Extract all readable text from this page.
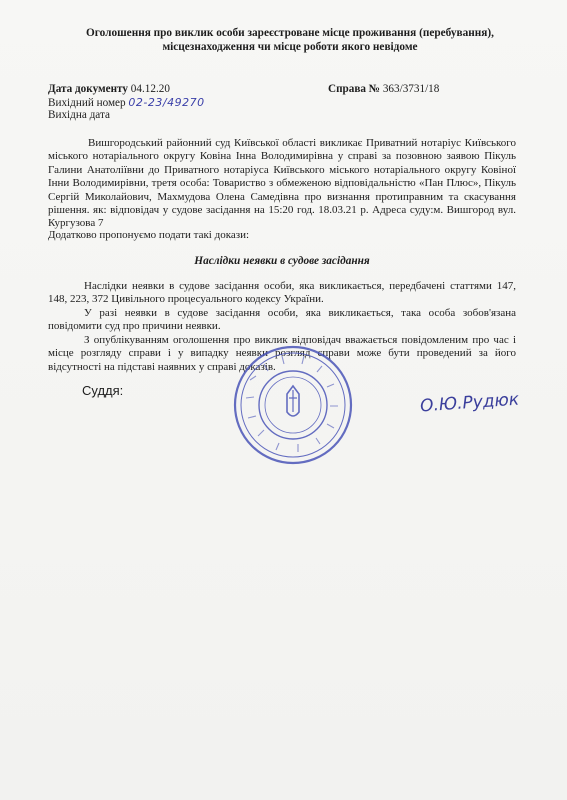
Оголошення про виклик особи зареєстроване місце проживання (перебування),
місцезнаходження чи місце роботи якого невідоме
Дата документу 04.12.20	Справа № 363/3731/18
Вихідний номер 02-23/49270
Вихідна дата
Вишгородський районний суд Київської області викликає Приватний нотаріус Київського міського нотаріального округу Ковіна Інна Володимирівна у справі за позовною заявою Пікуль Галини Анатоліївни до Приватного нотаріуса Київського міського нотаріального округу Ковіної Інни Володимирівни, третя особа: Товариство з обмеженою відповідальністю «Пан Плюс», Пікуль Сергій Миколайович, Махмудова Олена Самедівна про визнання протиправним та скасування рішення. як: відповідач у судове засідання на 15:20 год. 18.03.21 р. Адреса суду:м. Вишгород вул. Кургузова 7
Додатково пропонуємо подати такі докази:
Наслідки неявки в судове засідання
Наслідки неявки в судове засідання особи, яка викликається, передбачені статтями 147, 148, 223, 372 Цивільного процесуального кодексу України.
У разі неявки в судове засідання особи, яка викликається, така особа зобов'язана повідомити суд про причини неявки.
З опублікуванням оголошення про виклик відповідач вважається повідомленим про час і місце розгляду справи і у випадку неявки розгляд справи може бути проведений за його відсутності на підставі наявних у справі доказів.
Суддя:	О.Ю.Рудюк
